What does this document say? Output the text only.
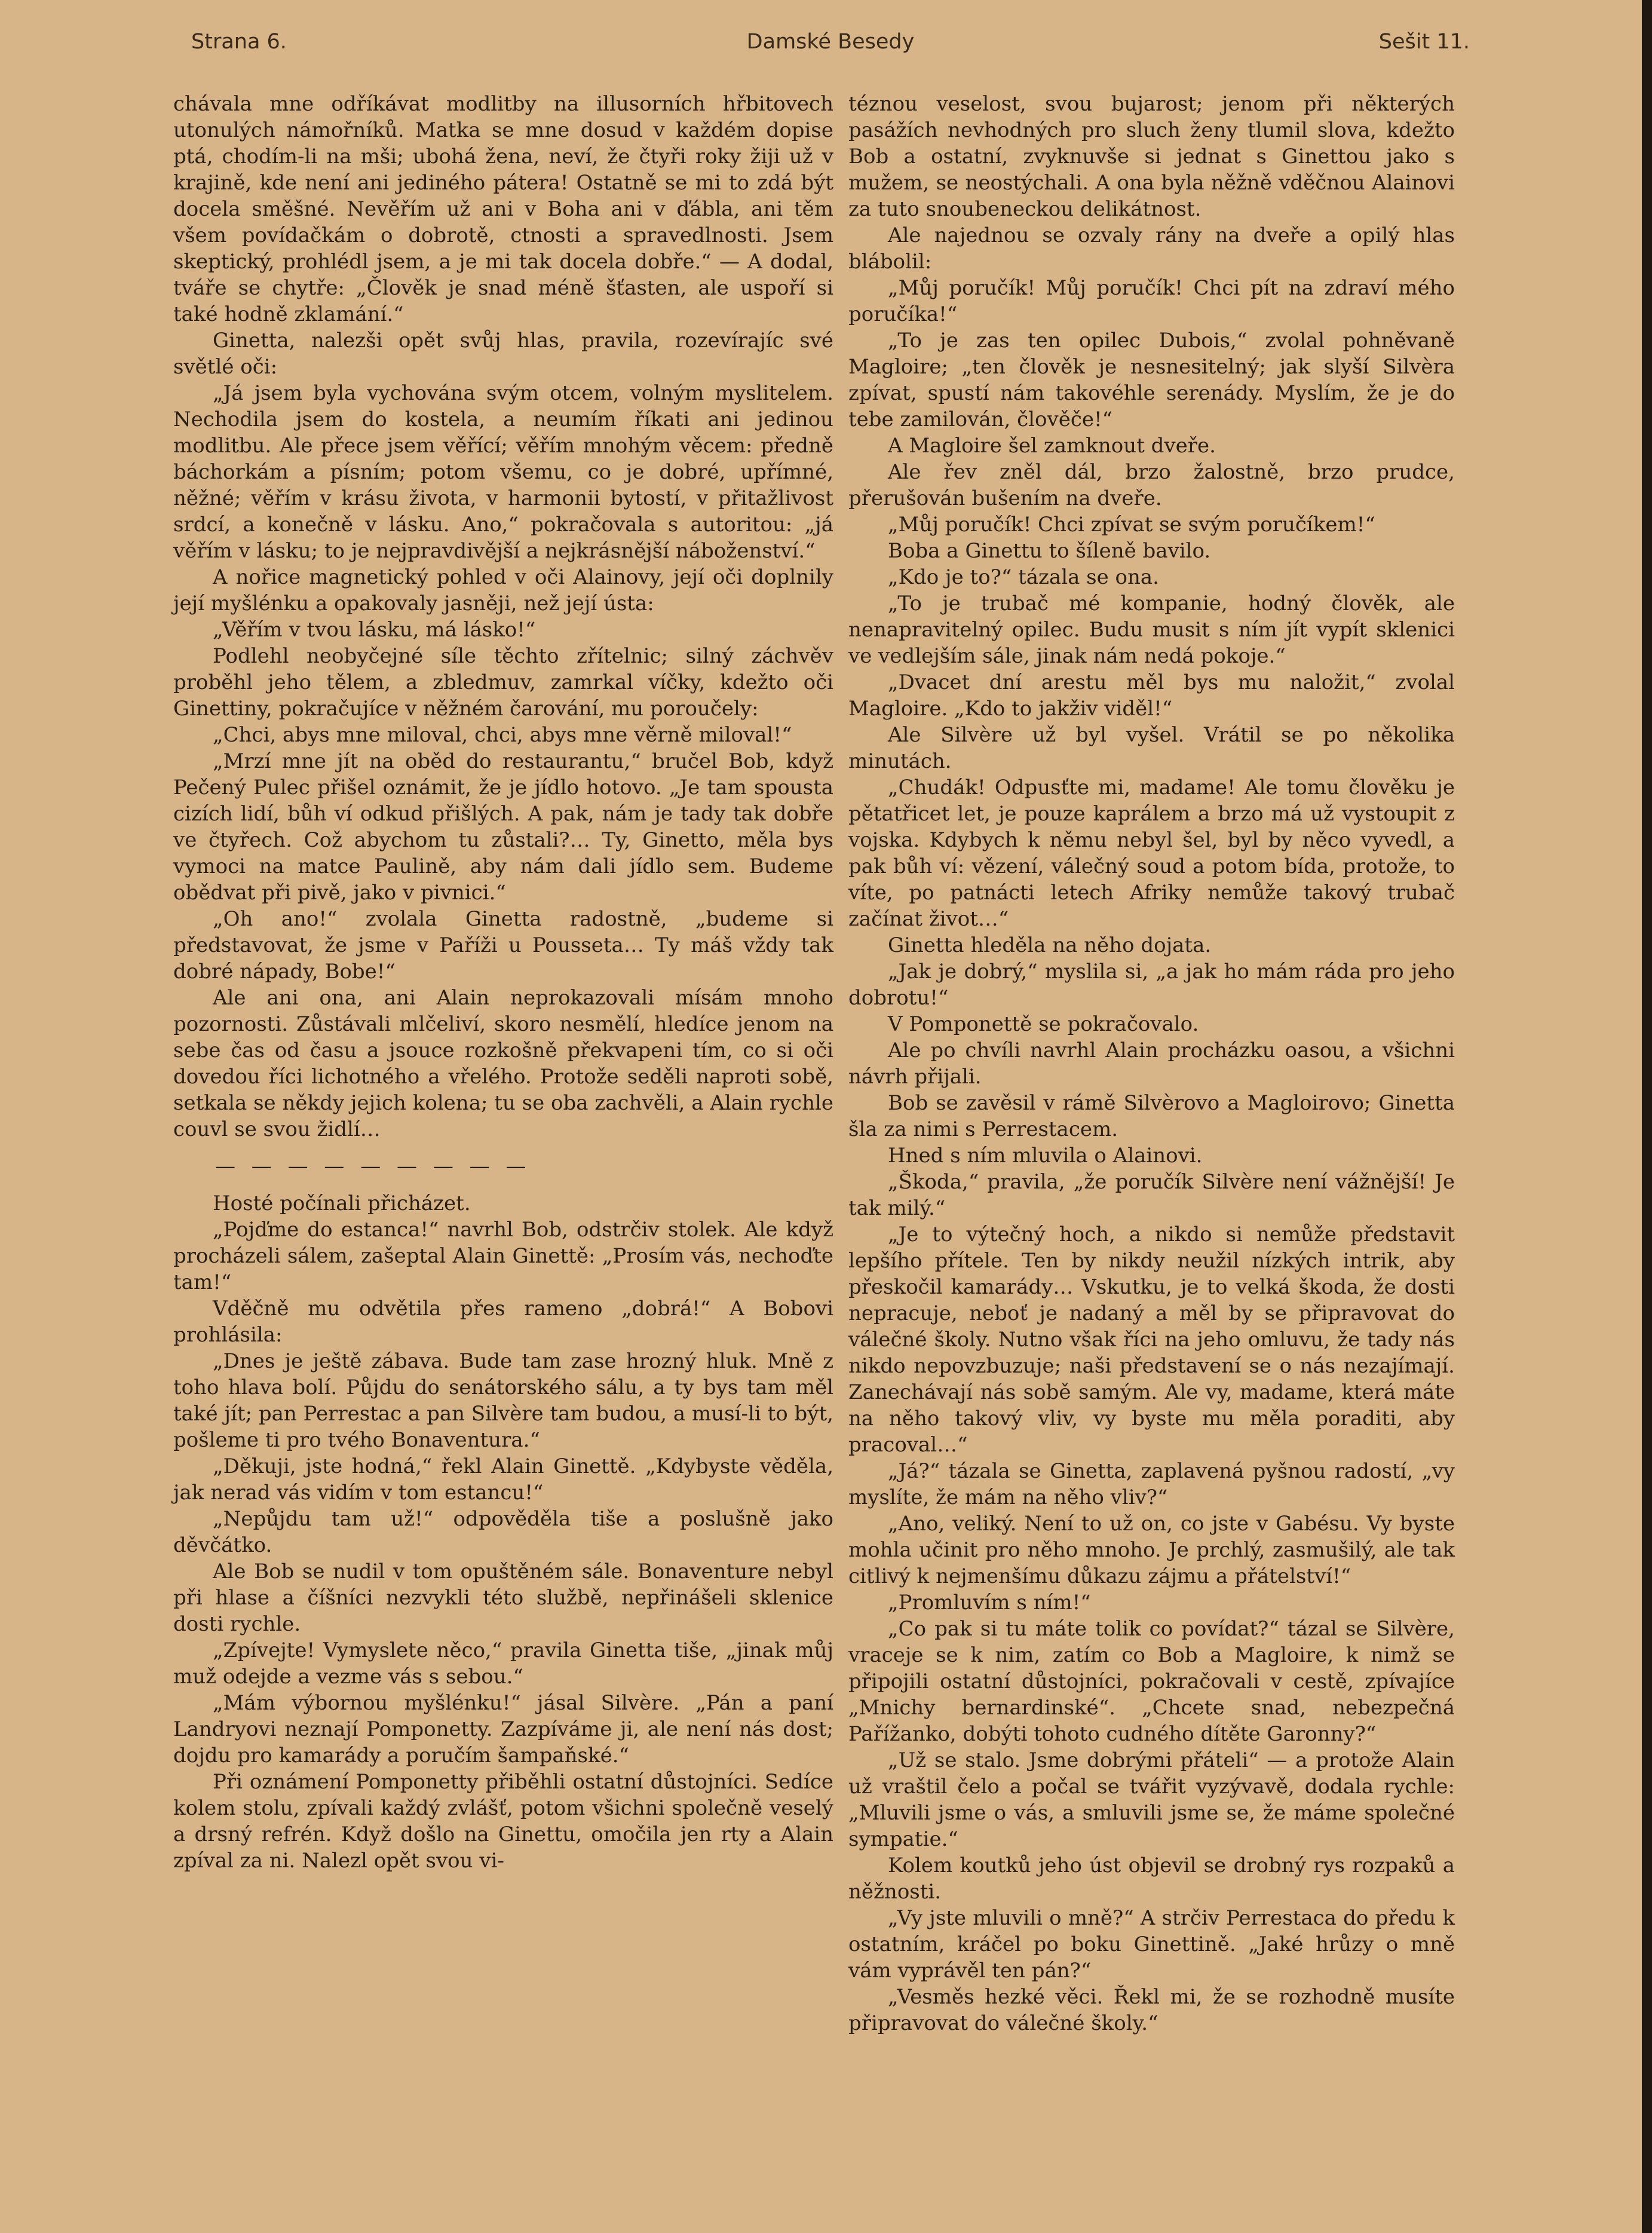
Strana 6.	Damské Besedy	Sešit 11.

chávala mne odříkávat modlitby na illusorních hřbitovech utonulých námořníků. Matka se mne dosud v každém dopise ptá, chodím-li na mši; ubohá žena, neví, že čtyři roky žiji už v krajině, kde není ani jediného pátera! Ostatně se mi to zdá být docela směšné. Nevěřím už ani v Boha ani v ďábla, ani těm všem povídačkám o dobrotě, ctnosti a spravedlnosti. Jsem skeptický, prohlédl jsem, a je mi tak docela dobře.“ — A dodal, tváře se chytře: „Člověk je snad méně šťasten, ale uspoří si také hodně zklamání.“

Ginetta, nalezši opět svůj hlas, pravila, rozevírajíc své světlé oči:

„Já jsem byla vychována svým otcem, volným myslitelem. Nechodila jsem do kostela, a neumím říkati ani jedinou modlitbu. Ale přece jsem věřící; věřím mnohým věcem: předně báchorkám a písním; potom všemu, co je dobré, upřímné, něžné; věřím v krásu života, v harmonii bytostí, v přitažlivost srdcí, a konečně v lásku. Ano,“ pokračovala s autoritou: „já věřím v lásku; to je nejpravdivější a nejkrásnější náboženství.“

A nořice magnetický pohled v oči Alainovy, její oči doplnily její myšlénku a opakovaly jasněji, než její ústa:

„Věřím v tvou lásku, má lásko!“

Podlehl neobyčejné síle těchto zřítelnic; silný záchvěv proběhl jeho tělem, a zbledmuv, zamrkal víčky, kdežto oči Ginettiny, pokračujíce v něžném čarování, mu poroučely:

„Chci, abys mne miloval, chci, abys mne věrně miloval!“

„Mrzí mne jít na oběd do restaurantu,“ bručel Bob, když Pečený Pulec přišel oznámit, že je jídlo hotovo. „Je tam spousta cizích lidí, bůh ví odkud přišlých. A pak, nám je tady tak dobře ve čtyřech. Což abychom tu zůstali?… Ty, Ginetto, měla bys vymoci na matce Paulině, aby nám dali jídlo sem. Budeme obědvat při pivě, jako v pivnici.“

„Oh ano!“ zvolala Ginetta radostně, „budeme si představovat, že jsme v Paříži u Pousseta… Ty máš vždy tak dobré nápady, Bobe!“

Ale ani ona, ani Alain neprokazovali mísám mnoho pozornosti. Zůstávali mlčeliví, skoro nesmělí, hledíce jenom na sebe čas od času a jsouce rozkošně překvapeni tím, co si oči dovedou říci lichotného a vřelého. Protože seděli naproti sobě, setkala se někdy jejich kolena; tu se oba zachvěli, a Alain rychle couvl se svou židlí…

— — — — — — — — —

Hosté počínali přicházet.

„Pojďme do estanca!“ navrhl Bob, odstrčiv stolek. Ale když procházeli sálem, zašeptal Alain Ginettě: „Prosím vás, nechoďte tam!“

Vděčně mu odvětila přes rameno „dobrá!“ A Bobovi prohlásila:

„Dnes je ještě zábava. Bude tam zase hrozný hluk. Mně z toho hlava bolí. Půjdu do senátorského sálu, a ty bys tam měl také jít; pan Perrestac a pan Silvère tam budou, a musí-li to být, pošleme ti pro tvého Bonaventura.“

„Děkuji, jste hodná,“ řekl Alain Ginettě. „Kdybyste věděla, jak nerad vás vidím v tom estancu!“

„Nepůjdu tam už!“ odpověděla tiše a poslušně jako děvčátko.

Ale Bob se nudil v tom opuštěném sále. Bonaventure nebyl při hlase a číšníci nezvykli této službě, nepřinášeli sklenice dosti rychle.

„Zpívejte! Vymyslete něco,“ pravila Ginetta tiše, „jinak můj muž odejde a vezme vás s sebou.“

„Mám výbornou myšlénku!“ jásal Silvère. „Pán a paní Landryovi neznají Pomponetty. Zazpíváme ji, ale není nás dost; dojdu pro kamarády a poručím šampaňské.“

Při oznámení Pomponetty přiběhli ostatní důstojníci. Sedíce kolem stolu, zpívali každý zvlášť, potom všichni společně veselý a drsný refrén. Když došlo na Ginettu, omočila jen rty a Alain zpíval za ni. Nalezl opět svou vi-

téznou veselost, svou bujarost; jenom při některých pasážích nevhodných pro sluch ženy tlumil slova, kdežto Bob a ostatní, zvyknuvše si jednat s Ginettou jako s mužem, se neostýchali. A ona byla něžně vděčnou Alainovi za tuto snoubeneckou delikátnost.

Ale najednou se ozvaly rány na dveře a opilý hlas blábolil:

„Můj poručík! Můj poručík! Chci pít na zdraví mého poručíka!“

„To je zas ten opilec Dubois,“ zvolal pohněvaně Magloire; „ten člověk je nesnesitelný; jak slyší Silvèra zpívat, spustí nám takovéhle serenády. Myslím, že je do tebe zamilován, člověče!“

A Magloire šel zamknout dveře.

Ale řev zněl dál, brzo žalostně, brzo prudce, přerušován bušením na dveře.

„Můj poručík! Chci zpívat se svým poručíkem!“

Boba a Ginettu to šíleně bavilo.

„Kdo je to?“ tázala se ona.

„To je trubač mé kompanie, hodný člověk, ale nenapravitelný opilec. Budu musit s ním jít vypít sklenici ve vedlejším sále, jinak nám nedá pokoje.“

„Dvacet dní arestu měl bys mu naložit,“ zvolal Magloire. „Kdo to jakživ viděl!“

Ale Silvère už byl vyšel. Vrátil se po několika minutách.

„Chudák! Odpusťte mi, madame! Ale tomu člověku je pětatřicet let, je pouze kaprálem a brzo má už vystoupit z vojska. Kdybych k němu nebyl šel, byl by něco vyvedl, a pak bůh ví: vězení, válečný soud a potom bída, protože, to víte, po patnácti letech Afriky nemůže takový trubač začínat život…“

Ginetta hleděla na něho dojata.

„Jak je dobrý,“ myslila si, „a jak ho mám ráda pro jeho dobrotu!“

V Pomponettě se pokračovalo.

Ale po chvíli navrhl Alain procházku oasou, a všichni návrh přijali.

Bob se zavěsil v rámě Silvèrovo a Magloirovo; Ginetta šla za nimi s Perrestacem.

Hned s ním mluvila o Alainovi.

„Škoda,“ pravila, „že poručík Silvère není vážnější! Je tak milý.“

„Je to výtečný hoch, a nikdo si nemůže představit lepšího přítele. Ten by nikdy neužil nízkých intrik, aby přeskočil kamarády… Vskutku, je to velká škoda, že dosti nepracuje, neboť je nadaný a měl by se připravovat do válečné školy. Nutno však říci na jeho omluvu, že tady nás nikdo nepovzbuzuje; naši představení se o nás nezajímají. Zanechávají nás sobě samým. Ale vy, madame, která máte na něho takový vliv, vy byste mu měla poraditi, aby pracoval…“

„Já?“ tázala se Ginetta, zaplavená pyšnou radostí, „vy myslíte, že mám na něho vliv?“

„Ano, veliký. Není to už on, co jste v Gabésu. Vy byste mohla učinit pro něho mnoho. Je prchlý, zasmušilý, ale tak citlivý k nejmenšímu důkazu zájmu a přátelství!“

„Promluvím s ním!“

„Co pak si tu máte tolik co povídat?“ tázal se Silvère, vraceje se k nim, zatím co Bob a Magloire, k nimž se připojili ostatní důstojníci, pokračovali v cestě, zpívajíce „Mnichy bernardinské“. „Chcete snad, nebezpečná Pařížanko, dobýti tohoto cudného dítěte Garonny?“

„Už se stalo. Jsme dobrými přáteli“ — a protože Alain už vraštil čelo a počal se tvářit vyzývavě, dodala rychle: „Mluvili jsme o vás, a smluvili jsme se, že máme společné sympatie.“

Kolem koutků jeho úst objevil se drobný rys rozpaků a něžnosti.

„Vy jste mluvili o mně?“ A strčiv Perrestaca do předu k ostatním, kráčel po boku Ginettině. „Jaké hrůzy o mně vám vyprávěl ten pán?“

„Vesměs hezké věci. Řekl mi, že se rozhodně musíte připravovat do válečné školy.“
